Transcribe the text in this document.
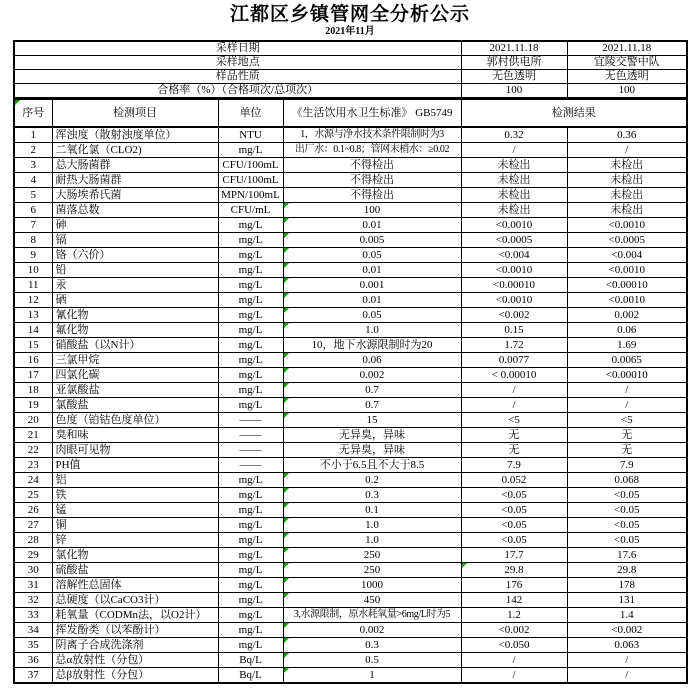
江都区乡镇管网全分析公示
2021年11月
采样日期				2021.11.18	2021.11.18
采样地点				郭村供电所	宜陵交警中队
样品性质				无色透明	无色透明
合格率（%）（合格项次/总项次）				100	100
序号	检测项目	单位	《生活饮用水卫生标准》 GB5749	检测结果	
1	浑浊度（散射浊度单位）	NTU	1，水源与净水技术条件限制时为3	0.32	0.36
2	二氧化氯（CLO2)	mg/L	出厂水：0.1~0.8；管网末梢水：≥0.02	/	/
3	总大肠菌群	CFU/100mL	不得检出	未检出	未检出
4	耐热大肠菌群	CFU/100mL	不得检出	未检出	未检出
5	大肠埃希氏菌	MPN/100mL	不得检出	未检出	未检出
6	菌落总数	CFU/mL	100	未检出	未检出
7	砷	mg/L	0.01	<0.0010	<0.0010
8	镉	mg/L	0.005	<0.0005	<0.0005
9	铬（六价）	mg/L	0.05	<0.004	<0.004
10	铅	mg/L	0.01	<0.0010	<0.0010
11	汞	mg/L	0.001	<0.00010	<0.00010
12	硒	mg/L	0.01	<0.0010	<0.0010
13	氰化物	mg/L	0.05	<0.002	0.002
14	氟化物	mg/L	1.0	0.15	0.06
15	硝酸盐（以N计）	mg/L	10，地下水源限制时为20	1.72	1.69
16	三氯甲烷	mg/L	0.06	0.0077	0.0065
17	四氯化碳	mg/L	0.002	< 0.00010	<0.00010
18	亚氯酸盐	mg/L	0.7	/	/
19	氯酸盐	mg/L	0.7	/	/
20	色度（铂钴色度单位）	——	15	<5	<5
21	臭和味	——	无异臭，异味	无	无
22	肉眼可见物	——	无异臭，异味	无	无
23	PH值	——	不小于6.5且不大于8.5	7.9	7.9
24	铝	mg/L	0.2	0.052	0.068
25	铁	mg/L	0.3	<0.05	<0.05
26	锰	mg/L	0.1	<0.05	<0.05
27	铜	mg/L	1.0	<0.05	<0.05
28	锌	mg/L	1.0	<0.05	<0.05
29	氯化物	mg/L	250	17.7	17.6
30	硫酸盐	mg/L	250	29.8	29.8
31	溶解性总固体	mg/L	1000	176	178
32	总硬度（以CaCO3计）	mg/L	450	142	131
33	耗氧量（CODMn法，以O2计）	mg/L	3,水源限制，原水耗氧量>6mg/L时为5	1.2	1.4
34	挥发酚类（以苯酚计）	mg/L	0.002	<0.002	<0.002
35	阴离子合成洗涤剂	mg/L	0.3	<0.050	0.063
36	总α放射性（分包）	Bq/L	0.5	/	/
37	总β放射性（分包）	Bq/L	1	/	/
